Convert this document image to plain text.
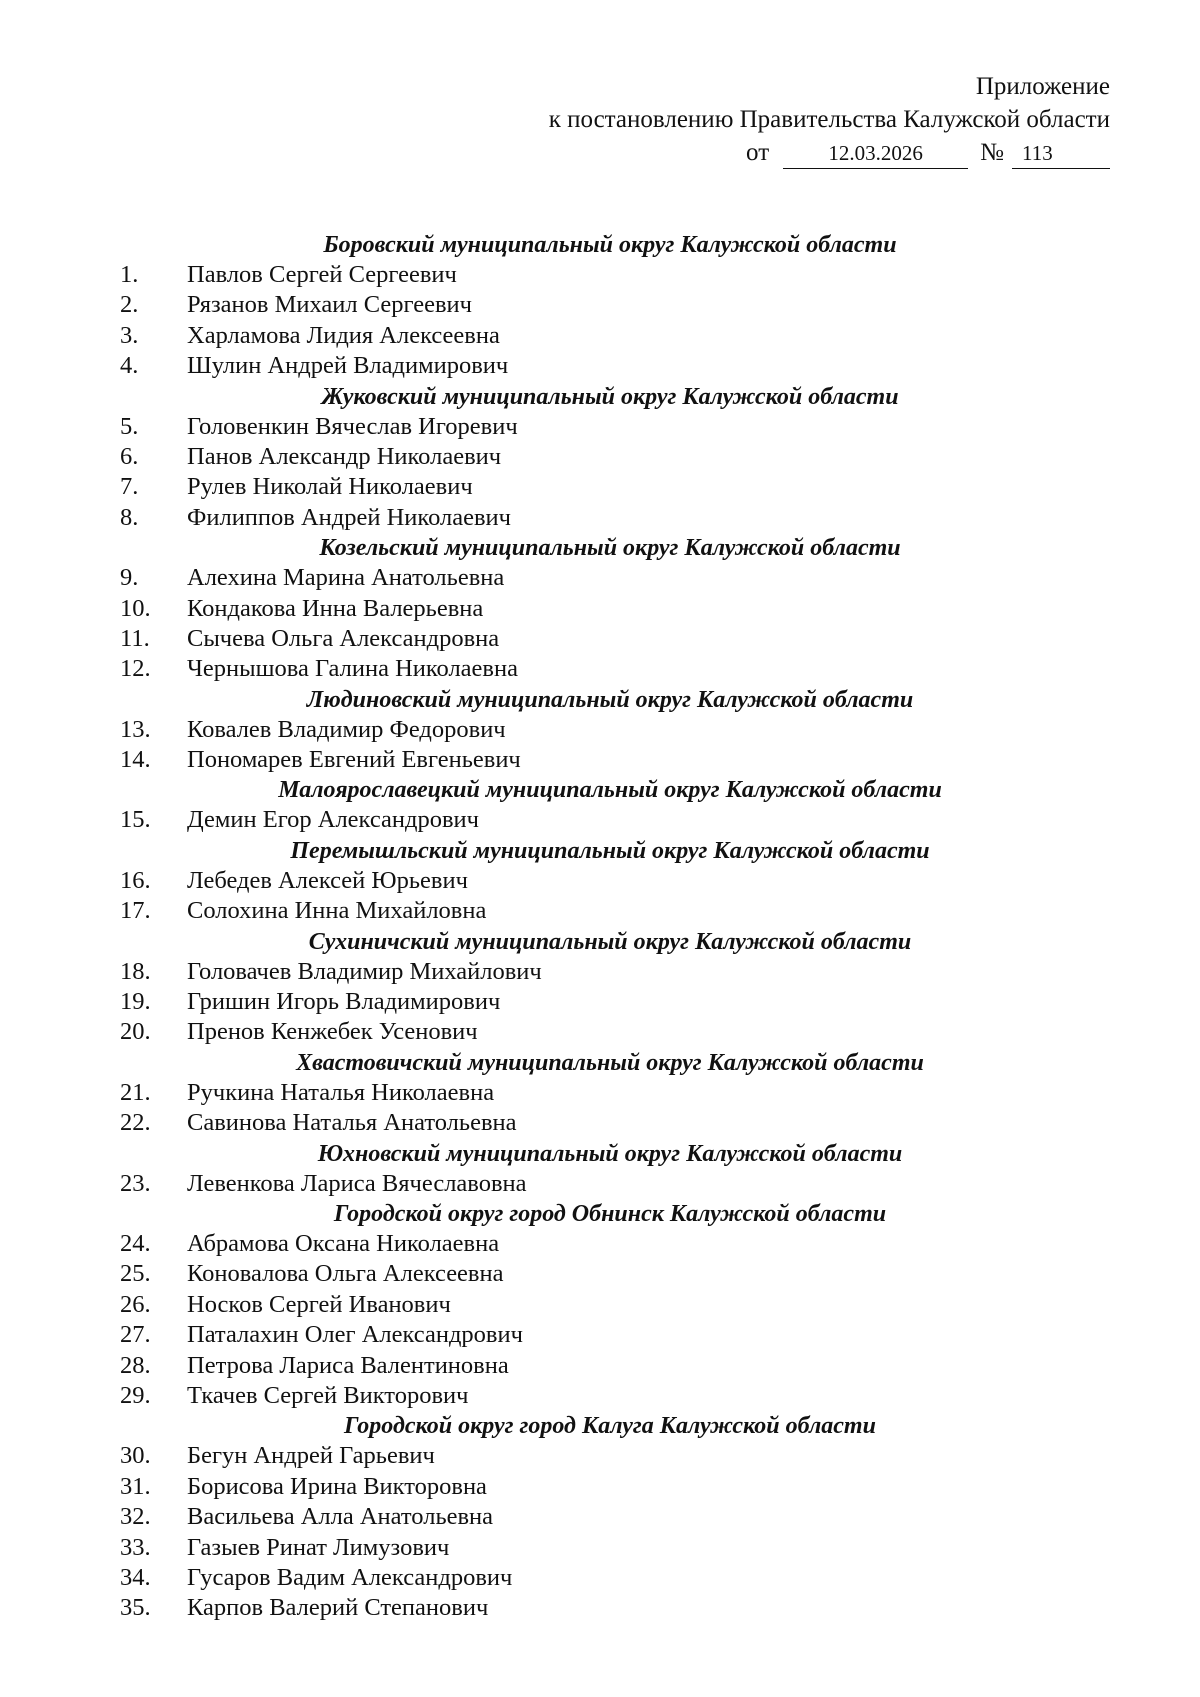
Приложение
к постановлению Правительства Калужской области
от	12.03.2026	№ 113
Боровский муниципальный округ Калужской области
1.	Павлов Сергей Сергеевич
2.	Рязанов Михаил Сергеевич
3.	Харламова Лидия Алексеевна
4.	Шулин Андрей Владимирович
Жуковский муниципальный округ Калужской области
5.	Головенкин Вячеслав Игоревич
6.	Панов Александр Николаевич
7.	Рулев Николай Николаевич
8.	Филиппов Андрей Николаевич
Козельский муниципальный округ Калужской области
9.	Алехина Марина Анатольевна
10.	Кондакова Инна Валерьевна
11.	Сычева Ольга Александровна
12.	Чернышова Галина Николаевна
Людиновский муниципальный округ Калужской области
13.	Ковалев Владимир Федорович
14.	Пономарев Евгений Евгеньевич
Малоярославецкий муниципальный округ Калужской области
15.	Демин Егор Александрович
Перемышльский муниципальный округ Калужской области
16.	Лебедев Алексей Юрьевич
17.	Солохина Инна Михайловна
Сухиничский муниципальный округ Калужской области
18.	Головачев Владимир Михайлович
19.	Гришин Игорь Владимирович
20.	Пренов Кенжебек Усенович
Хвастовичский муниципальный округ Калужской области
21.	Ручкина Наталья Николаевна
22.	Савинова Наталья Анатольевна
Юхновский муниципальный округ Калужской области
23.	Левенкова Лариса Вячеславовна
Городской округ город Обнинск Калужской области
24.	Абрамова Оксана Николаевна
25.	Коновалова Ольга Алексеевна
26.	Носков Сергей Иванович
27.	Паталахин Олег Александрович
28.	Петрова Лариса Валентиновна
29.	Ткачев Сергей Викторович
Городской округ город Калуга Калужской области
30.	Бегун Андрей Гарьевич
31.	Борисова Ирина Викторовна
32.	Васильева Алла Анатольевна
33.	Газыев Ринат Лимузович
34.	Гусаров Вадим Александрович
35.	Карпов Валерий Степанович
